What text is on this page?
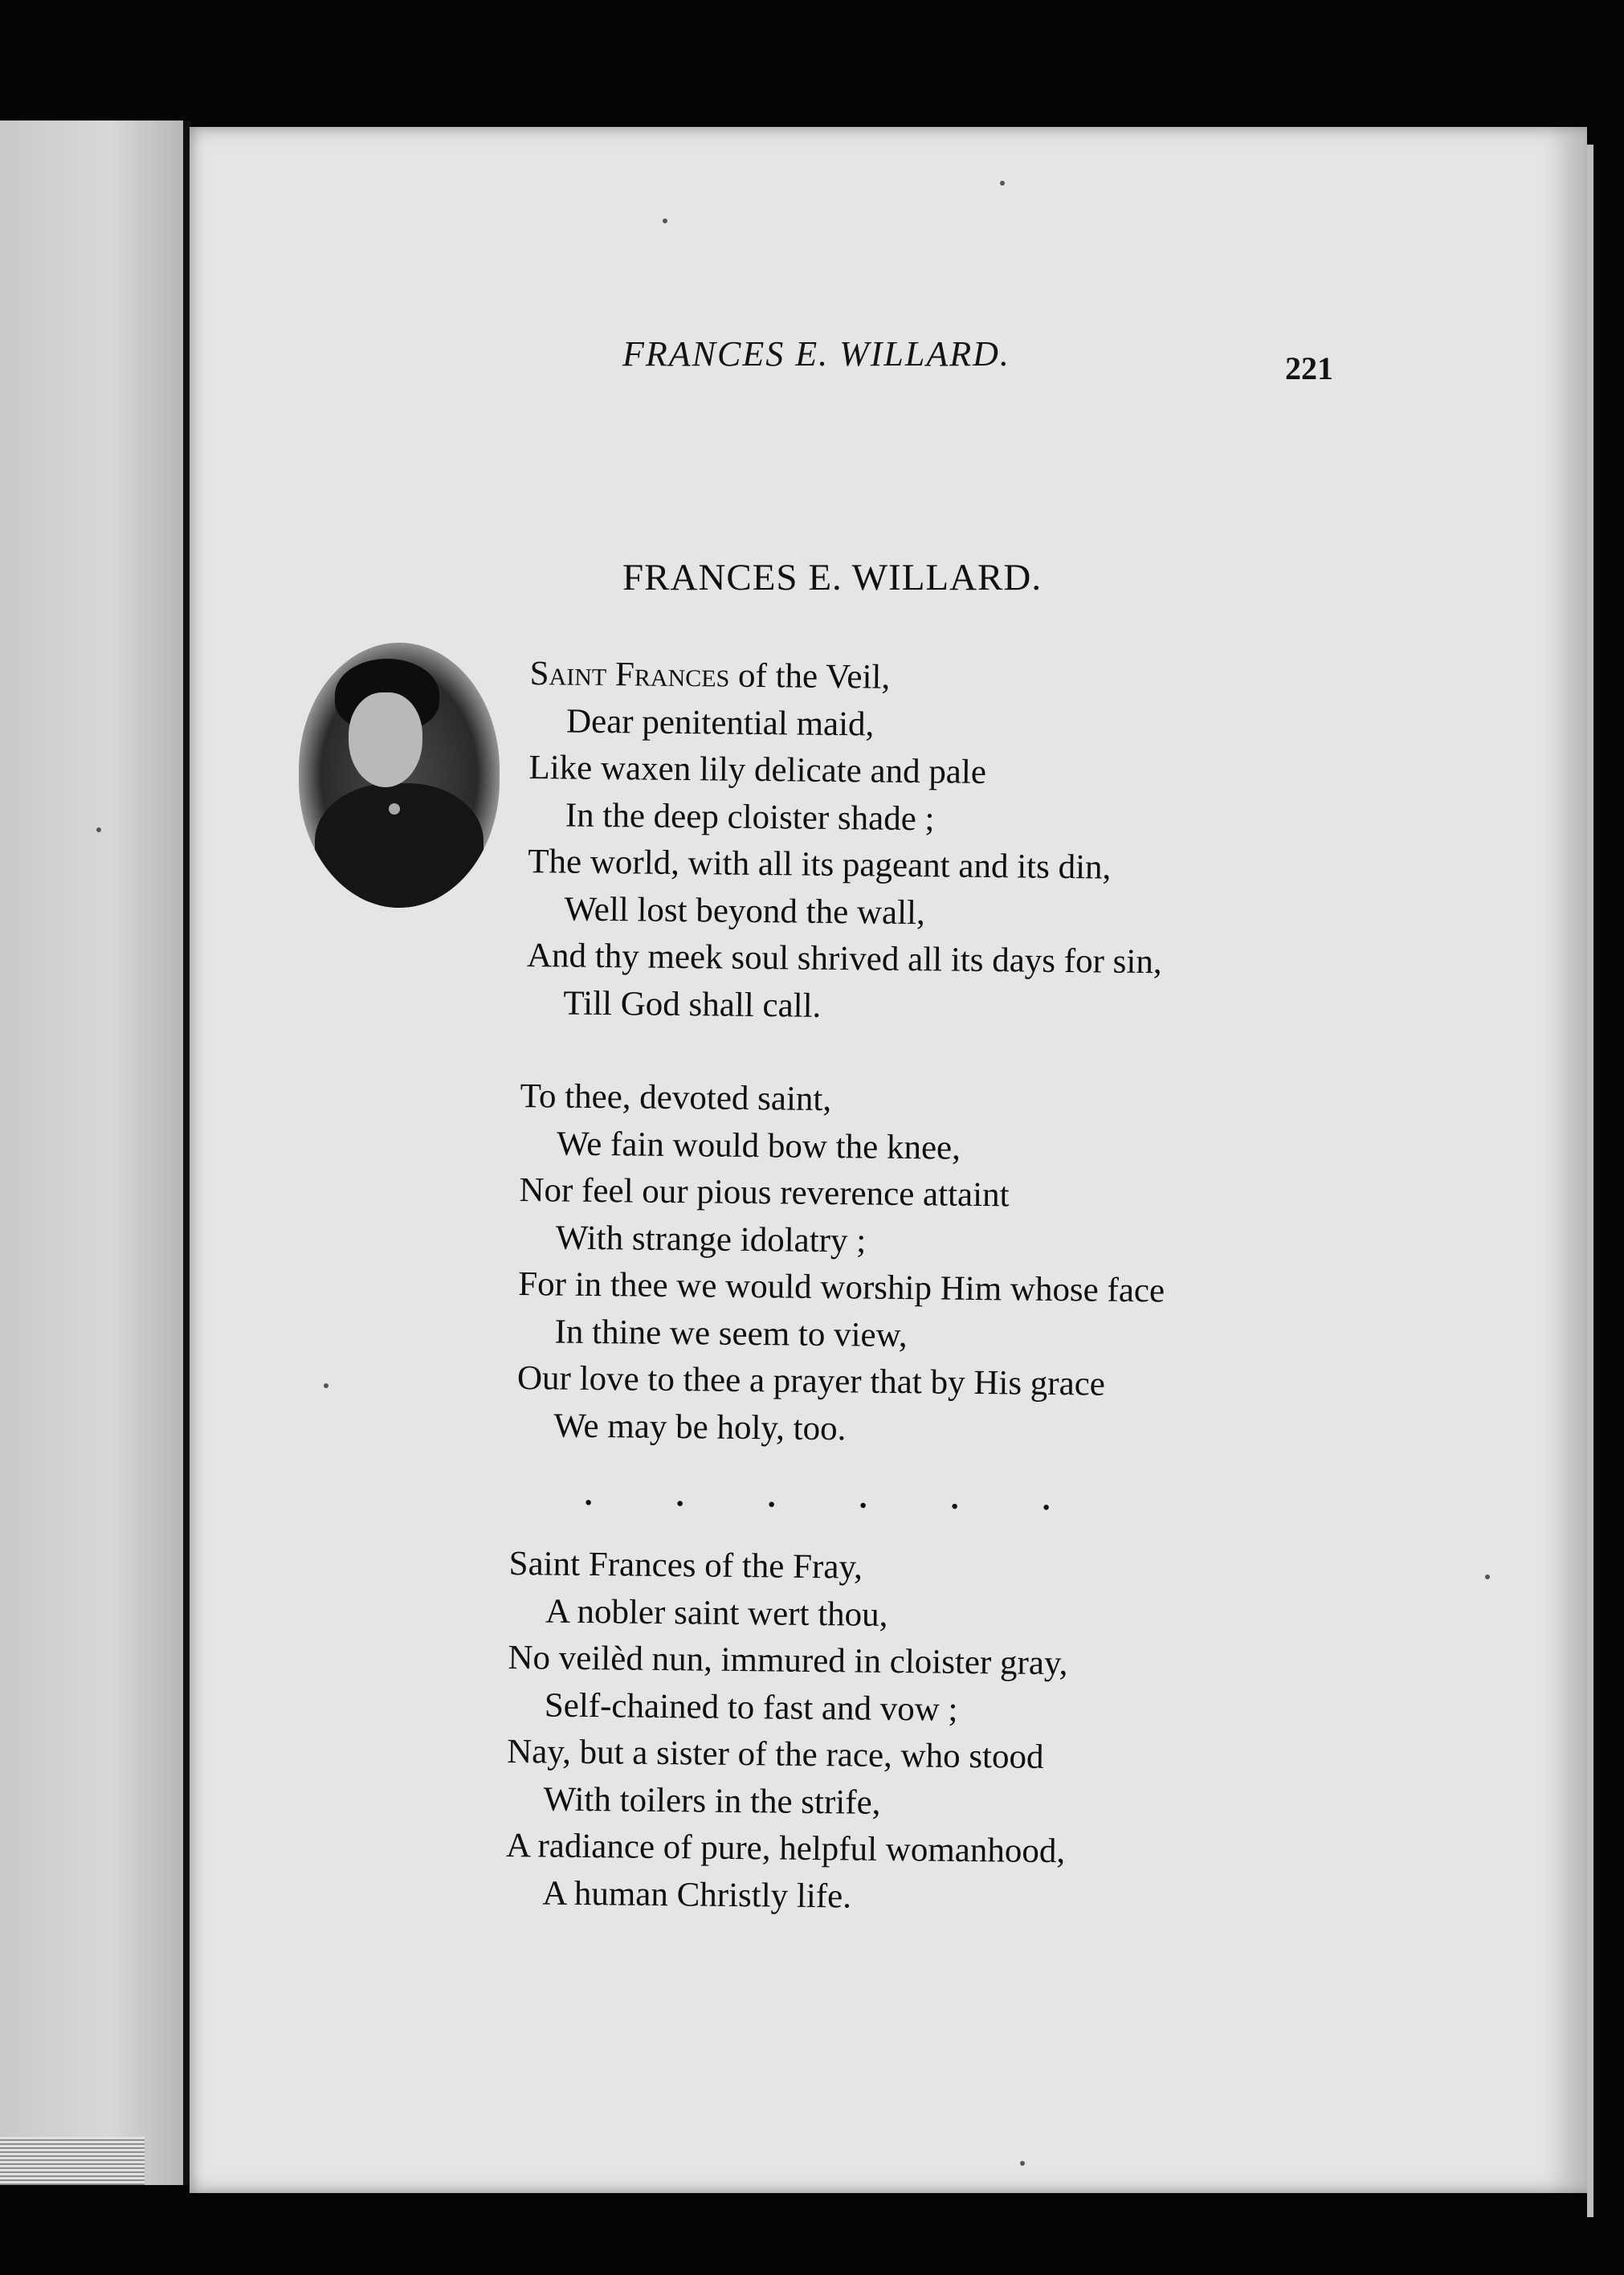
FRANCES E. WILLARD.	221
FRANCES E. WILLARD.
Saint Frances of the Veil,
Dear penitential maid,
Like waxen lily delicate and pale
In the deep cloister shade ;
The world, with all its pageant and its din,
Well lost beyond the wall,
And thy meek soul shrived all its days for sin,
Till God shall call.
To thee, devoted saint,
We fain would bow the knee,
Nor feel our pious reverence attaint
With strange idolatry ;
For in thee we would worship Him whose face
In thine we seem to view,
Our love to thee a prayer that by His grace
We may be holy, too.
.	.	.	.	.	.
Saint Frances of the Fray,
A nobler saint wert thou,
No veilèd nun, immured in cloister gray,
Self-chained to fast and vow ;
Nay, but a sister of the race, who stood
With toilers in the strife,
A radiance of pure, helpful womanhood,
A human Christly life.
